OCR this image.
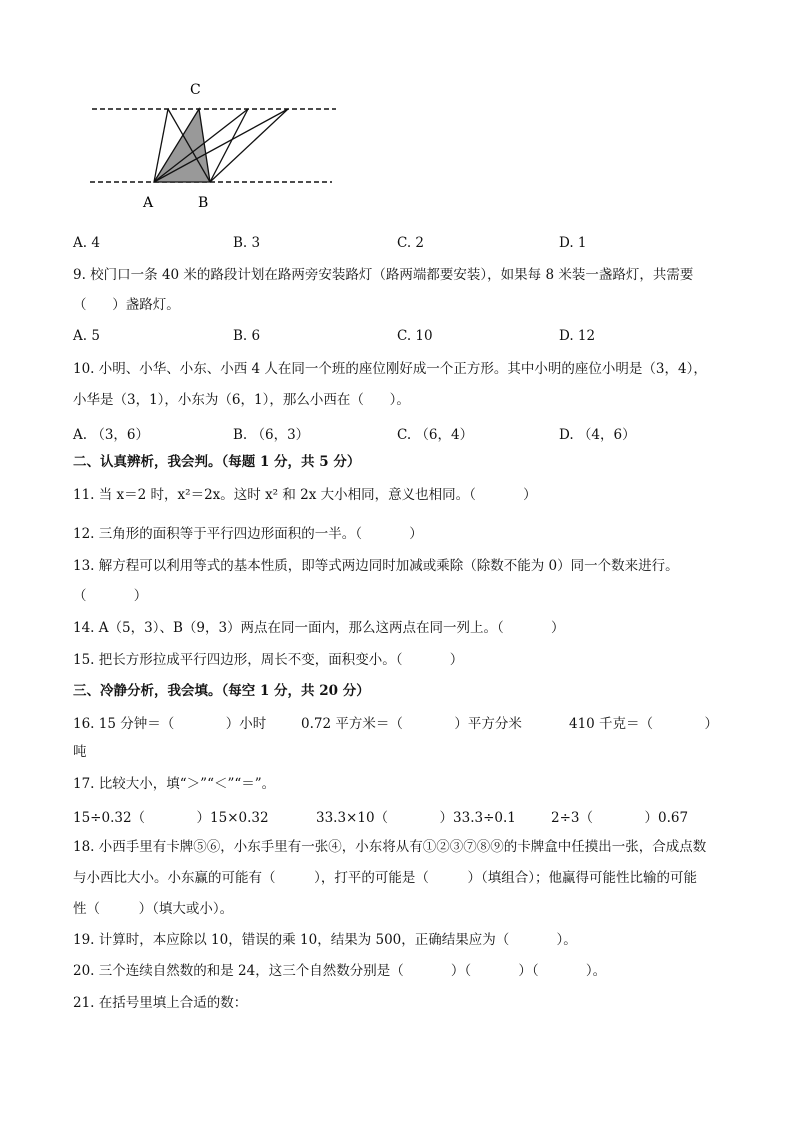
C
A	B
A. 4	B. 3	C. 2	D. 1
9. 校门口一条 40 米的路段计划在路两旁安装路灯（路两端都要安装），如果每 8 米装一盏路灯，共需要
（      ）盏路灯。
A. 5	B. 6	C. 10	D. 12
10. 小明、小华、小东、小西 4 人在同一个班的座位刚好成一个正方形。其中小明的座位小明是（3，4），
小华是（3，1），小东为（6，1），那么小西在（      ）。
A. （3，6）	B. （6，3）	C. （6，4）	D. （4，6）
二、认真辨析，我会判。（每题 1 分，共 5 分）
11. 当 x＝2 时，x²＝2x。这时 x² 和 2x 大小相同，意义也相同。（           ）
12. 三角形的面积等于平行四边形面积的一半。（           ）
13. 解方程可以利用等式的基本性质，即等式两边同时加减或乘除（除数不能为 0）同一个数来进行。
（           ）
14. A（5，3）、B（9，3）两点在同一面内，那么这两点在同一列上。（           ）
15. 把长方形拉成平行四边形，周长不变，面积变小。（           ）
三、冷静分析，我会填。（每空 1 分，共 20 分）
16. 15 分钟＝（            ）小时	0.72 平方米＝（            ）平方分米	410 千克＝（            ）
吨
17. 比较大小，填“＞”“＜”“＝”。
15÷0.32（            ）15×0.32	33.3×10（            ）33.3÷0.1	2÷3（            ）0.67
18. 小西手里有卡牌⑤⑥，小东手里有一张④，小东将从有①②③⑦⑧⑨的卡牌盒中任摸出一张，合成点数
与小西比大小。小东赢的可能有（         ），打平的可能是（         ）（填组合）；他赢得可能性比输的可能
性（         ）（填大或小）。
19. 计算时，本应除以 10，错误的乘 10，结果为 500，正确结果应为（           ）。
20. 三个连续自然数的和是 24，这三个自然数分别是（           ）（           ）（           ）。
21. 在括号里填上合适的数：
